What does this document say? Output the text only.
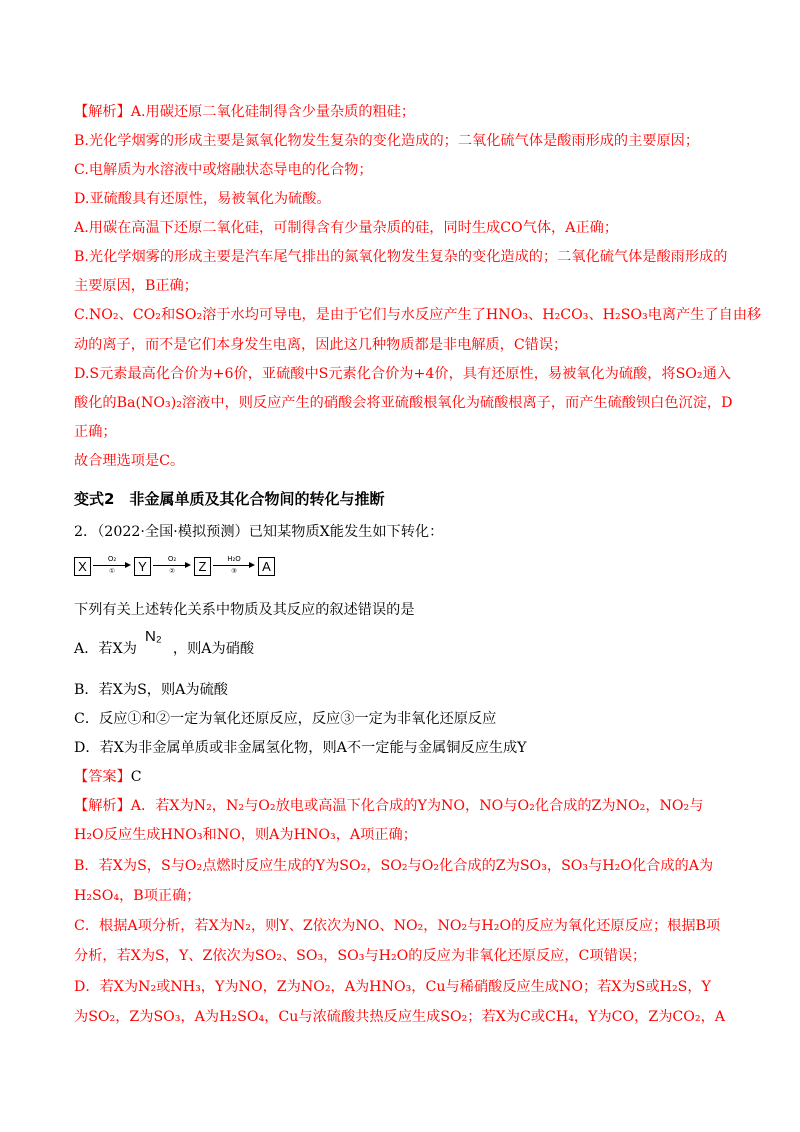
【解析】A.用碳还原二氧化硅制得含少量杂质的粗硅；
B.光化学烟雾的形成主要是氮氧化物发生复杂的变化造成的；二氧化硫气体是酸雨形成的主要原因；
C.电解质为水溶液中或熔融状态导电的化合物；
D.亚硫酸具有还原性，易被氧化为硫酸。
A.用碳在高温下还原二氧化硅，可制得含有少量杂质的硅，同时生成CO气体，A正确；
B.光化学烟雾的形成主要是汽车尾气排出的氮氧化物发生复杂的变化造成的；二氧化硫气体是酸雨形成的
主要原因，B正确；
C.NO₂、CO₂和SO₂溶于水均可导电，是由于它们与水反应产生了HNO₃、H₂CO₃、H₂SO₃电离产生了自由移
动的离子，而不是它们本身发生电离，因此这几种物质都是非电解质，C错误；
D.S元素最高化合价为+6价，亚硫酸中S元素化合价为+4价，具有还原性，易被氧化为硫酸，将SO₂通入
酸化的Ba(NO₃)₂溶液中，则反应产生的硝酸会将亚硫酸根氧化为硫酸根离子，而产生硫酸钡白色沉淀，D
正确；
故合理选项是C。
变式2　非金属单质及其化合物间的转化与推断
2．（2022·全国·模拟预测）已知某物质X能发生如下转化：
X	O₂
①	Y	O₂
②	Z	H₂O
③	A
下列有关上述转化关系中物质及其反应的叙述错误的是
A．若X为	，则A为硝酸
N₂
B．若X为S，则A为硫酸
C．反应①和②一定为氧化还原反应，反应③一定为非氧化还原反应
D．若X为非金属单质或非金属氢化物，则A不一定能与金属铜反应生成Y
【答案】C
【解析】A．若X为N₂，N₂与O₂放电或高温下化合成的Y为NO，NO与O₂化合成的Z为NO₂，NO₂与
H₂O反应生成HNO₃和NO，则A为HNO₃，A项正确；
B．若X为S，S与O₂点燃时反应生成的Y为SO₂，SO₂与O₂化合成的Z为SO₃，SO₃与H₂O化合成的A为
H₂SO₄，B项正确；
C．根据A项分析，若X为N₂，则Y、Z依次为NO、NO₂，NO₂与H₂O的反应为氧化还原反应；根据B项
分析，若X为S，Y、Z依次为SO₂、SO₃，SO₃与H₂O的反应为非氧化还原反应，C项错误；
D．若X为N₂或NH₃，Y为NO，Z为NO₂，A为HNO₃，Cu与稀硝酸反应生成NO；若X为S或H₂S，Y
为SO₂，Z为SO₃，A为H₂SO₄，Cu与浓硫酸共热反应生成SO₂；若X为C或CH₄，Y为CO，Z为CO₂，A
